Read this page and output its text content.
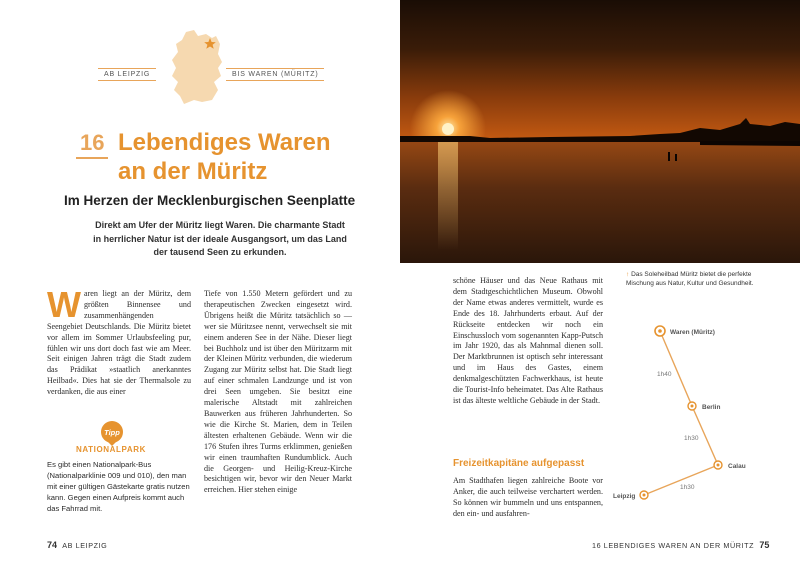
AB LEIPZIG	BIS WAREN (MÜRITZ)
16 Lebendiges Waren
an der Müritz
Im Herzen der Mecklenburgischen Seenplatte
Direkt am Ufer der Müritz liegt Waren. Die charmante Stadt in herrlicher Natur ist der ideale Ausgangsort, um das Land der tausend Seen zu erkunden.
Waren liegt an der Müritz, dem größten Binnensee und zusammenhängenden Seengebiet Deutschlands. Die Müritz bietet vor allem im Sommer Urlaubsfeeling pur, fühlen wir uns dort doch fast wie am Meer. Seit einigen Jahren trägt die Stadt zudem das Prädikat »staatlich anerkanntes Heilbad«. Dies hat sie der Thermalsole zu verdanken, die aus einer
Tipp
NATIONALPARK
Es gibt einen Nationalpark-Bus (Nationalparklinie 009 und 010), den man mit einer gültigen Gästekarte gratis nutzen kann. Gegen einen Aufpreis kommt auch das Fahrrad mit.
Tiefe von 1.550 Metern gefördert und zu therapeutischen Zwecken eingesetzt wird. Übrigens heißt die Müritz tatsächlich so — wer sie Müritzsee nennt, verwechselt sie mit einem anderen See in der Nähe. Dieser liegt bei Buchholz und ist über den Müritzarm mit der Kleinen Müritz verbunden, die wiederum Zugang zur Müritz selbst hat. Die Stadt liegt auf einer schmalen Landzunge und ist von drei Seen umgeben. Sie besitzt eine malerische Altstadt mit zahlreichen Bauwerken aus früheren Jahrhunderten. So wie die Kirche St. Marien, dem in Teilen ältesten erhaltenen Gebäude. Wenn wir die 176 Stufen ihres Turms erklimmen, genießen wir einen traumhaften Rundumblick. Auch die Georgen- und Heilig-Kreuz-Kirche besichtigen wir, bevor wir den Neuer Markt erreichen. Hier stehen einige
74 AB LEIPZIG
↑ Das Soleheilbad Müritz bietet die perfekte Mischung aus Natur, Kultur und Gesundheit.
Waren (Müritz)
Berlin
Calau
Leipzig
1h40
1h30
1h30
schöne Häuser und das Neue Rathaus mit dem Stadtgeschichtlichen Museum. Obwohl der Name etwas anderes vermittelt, wurde es Ende des 18. Jahrhunderts erbaut. Auf der Rückseite entdecken wir noch ein Einschussloch vom sogenannten Kapp-Putsch im Jahr 1920, das als Mahnmal dienen soll. Der Marktbrunnen ist optisch sehr interessant und im Haus des Gastes, einem denkmalgeschützten Fachwerkhaus, ist heute die Tourist-Info beheimatet. Das Alte Rathaus ist das älteste weltliche Gebäude in der Stadt.
Freizeitkapitäne aufgepasst
Am Stadthafen liegen zahlreiche Boote vor Anker, die auch teilweise verchartert werden. So können wir bummeln und uns entspannen, den ein- und ausfahren-
16 LEBENDIGES WAREN AN DER MÜRITZ 75
